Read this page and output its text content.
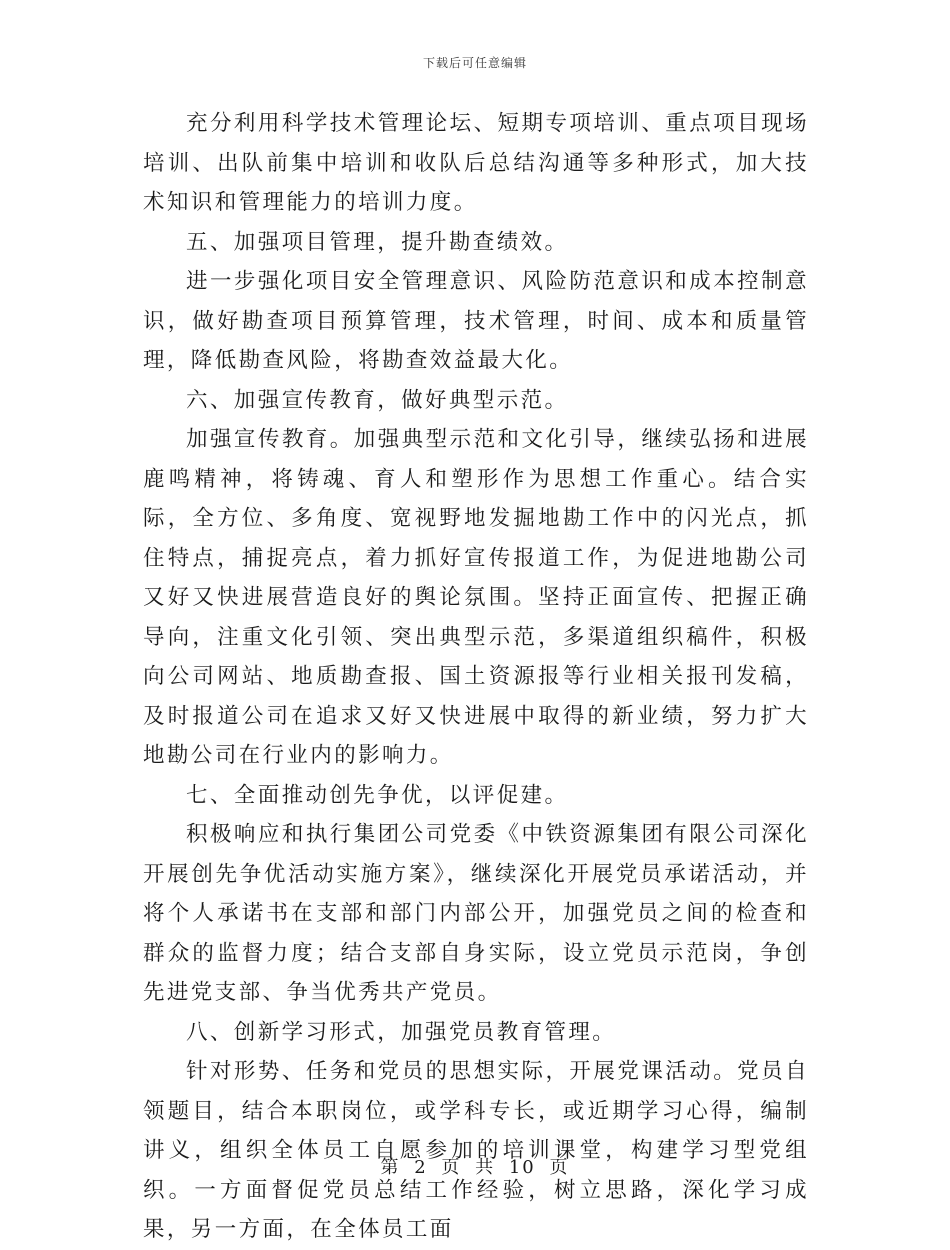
下载后可任意编辑

充分利用科学技术管理论坛、短期专项培训、重点项目现场培训、出队前集中培训和收队后总结沟通等多种形式，加大技术知识和管理能力的培训力度。

五、加强项目管理，提升勘查绩效。

进一步强化项目安全管理意识、风险防范意识和成本控制意识，做好勘查项目预算管理，技术管理，时间、成本和质量管理，降低勘查风险，将勘查效益最大化。

六、加强宣传教育，做好典型示范。

加强宣传教育。加强典型示范和文化引导，继续弘扬和进展鹿鸣精神，将铸魂、育人和塑形作为思想工作重心。结合实际，全方位、多角度、宽视野地发掘地勘工作中的闪光点，抓住特点，捕捉亮点，着力抓好宣传报道工作，为促进地勘公司又好又快进展营造良好的舆论氛围。坚持正面宣传、把握正确导向，注重文化引领、突出典型示范，多渠道组织稿件，积极向公司网站、地质勘查报、国土资源报等行业相关报刊发稿，及时报道公司在追求又好又快进展中取得的新业绩，努力扩大地勘公司在行业内的影响力。

七、全面推动创先争优，以评促建。

积极响应和执行集团公司党委《中铁资源集团有限公司深化开展创先争优活动实施方案》，继续深化开展党员承诺活动，并将个人承诺书在支部和部门内部公开，加强党员之间的检查和群众的监督力度；结合支部自身实际，设立党员示范岗，争创先进党支部、争当优秀共产党员。

八、创新学习形式，加强党员教育管理。

针对形势、任务和党员的思想实际，开展党课活动。党员自领题目，结合本职岗位，或学科专长，或近期学习心得，编制讲义，组织全体员工自愿参加的培训课堂，构建学习型党组织。一方面督促党员总结工作经验，树立思路，深化学习成果，另一方面，在全体员工面

第 2 页 共 10 页
